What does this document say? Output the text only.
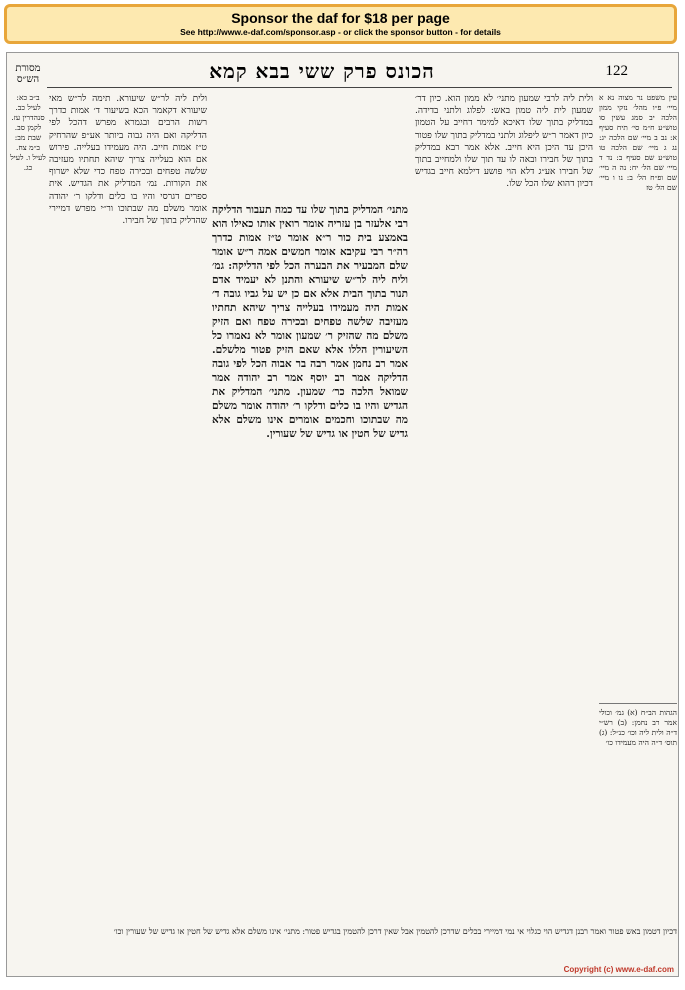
Sponsor the daf for $18 per page
See http://www.e-daf.com/sponsor.asp - or click the sponsor button - for details
122
הכונס פרק ששי בבא קמא
מסורת הש״ס
עין משפט נר מצוה נא א מיי׳ פ״ו מהל׳ נזקי ממון הלכה יב סמג עשין סו טוש״ע ח״מ סי׳ תיח סעיף א: נב ב מיי׳ שם הלכה יג: נג ג מיי׳ שם הלכה טו טוש״ע שם סעיף ב: נד ד מיי׳ שם הל׳ יח: נה ה מיי׳ שם ופ״ח הל׳ ב: נו ו מיי׳ שם הל׳ טז
ולית ליה לרבי שמעון מתני׳ לא ממון הוא. כיון דר׳ שמעון לית ליה טמון באש: לפלוג ולתני בדידה. במדליק בתוך שלו דאיכא למימר דחייב על הטמון כיון דאמר ר״ש ליפלוג ולתני במדליק בתוך שלו פטור היכן עד היכן היא חייב. אלא אמר רבא במדליק בתוך של חבירו ובאה לו עד תוך שלו ולמחייב בתוך של חבירו אע״ג דלא הוי פושע דילמא חייב בגדיש דכיון דהוא שלו הכל שלו.
מתני׳ המדליק בתוך שלו עד כמה תעבור הדליקה רבי אלעזר בן עזריה אומר רואין אותו כאילו הוא באמצע בית כור ר״א אומר ט״ז אמות כדרך רה״ר רבי עקיבא אומר חמשים אמה ר״ש אומר שלם המבעיר את הבערה הכל לפי הדליקה: גמ׳ וליח ליה לר״ש שיעורא והתנן לא יעמיד אדם תנור בתוך הבית אלא אם כן יש על גביו גובה ד׳ אמות היה מעמידו בעלייה צריך שיהא תחתיו מעזיבה שלשה טפחים ובכירה טפח ואם הזיק משלם מה שהזיק ר׳ שמעון אומר לא נאמרו כל השיעורין הללו אלא שאם הזיק פטור מלשלם. אמר רב נחמן אמר רבה בר אבוה הכל לפי גובה הדליקה אמר רב יוסף אמר רב יהודה אמר שמואל הלכה כר׳ שמעון. מתני׳ המדליק את הגדיש והיו בו כלים ודלקו ר׳ יהודה אומר משלם מה שבתוכו וחכמים אומרים אינו משלם אלא גדיש של חטין או גדיש של שעורין.
ולית ליה לר״ש שיעורא. תימה לר״ש מאי שיעורא דקאמר הכא בשיעור ד׳ אמות כדרך רשות הרבים ובגמרא מפרש דהכל לפי הדליקה ואם היה גבוה ביותר אע״פ שהרחיק ט״ז אמות חייב. היה מעמידו בעלייה. פירוש אם הוא בעלייה צריך שיהא תחתיו מעזיבה שלשה טפחים ובכירה טפח כדי שלא ישרוף את הקורות. נמ׳ המדליק את הגדיש. אית ספרים דגרסי והיו בו כלים ודלקו ר׳ יהודה אומר משלם מה שבתוכו ור״י מפרש דמיירי שהדליק בתוך של חבירו.
ב״ב כא: לעיל כב. סנהדרין עז. לקמן סב. שבת מב: ב״מ צח. לעיל ו. לעיל כג.
הגהות הב״ח (א) גמ׳ וכולי אמר רב נחמן: (ב) רש״י ד״ה ולית ליה וכו׳ כנ״ל: (ג) תוס׳ ד״ה היה מעמידו כו׳
דכיון דטמון באש פטור ואמר רבנן דגדיש הוי כגלוי אי נמי דמיירי בכלים שדרכן להטמין אבל שאין דרכן להטמין בגדיש פטור: מתני׳ אינו משלם אלא גדיש של חטין או גדיש של שעורין וכו׳
Copyright (c) www.e-daf.com
